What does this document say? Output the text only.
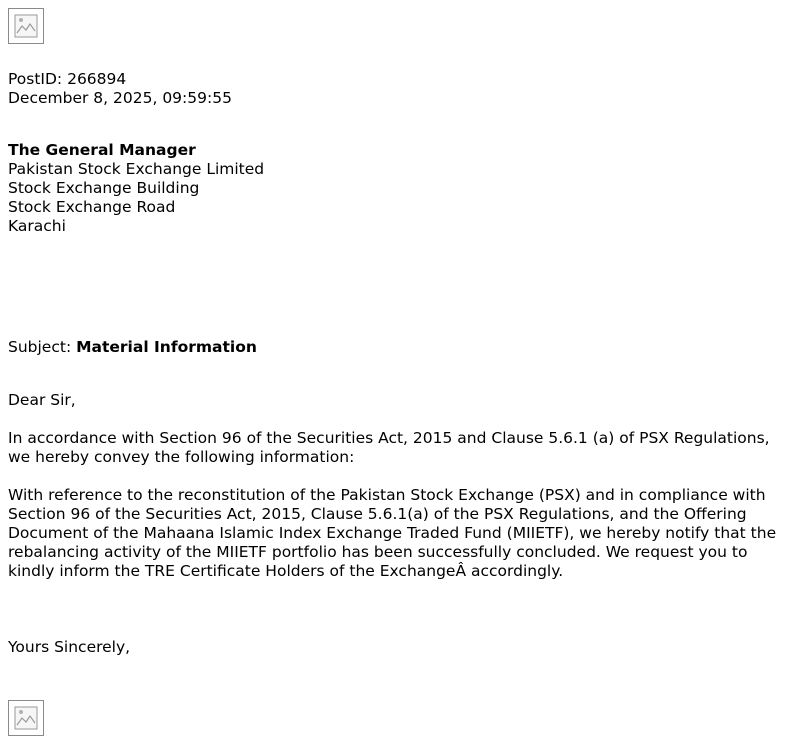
PostID: 266894
December 8, 2025, 09:59:55
The General Manager
Pakistan Stock Exchange Limited
Stock Exchange Building
Stock Exchange Road
Karachi
Subject: Material Information
Dear Sir,
In accordance with Section 96 of the Securities Act, 2015 and Clause 5.6.1 (a) of PSX Regulations, we hereby convey the following information:
With reference to the reconstitution of the Pakistan Stock Exchange (PSX) and in compliance with Section 96 of the Securities Act, 2015, Clause 5.6.1(a) of the PSX Regulations, and the Offering Document of the Mahaana Islamic Index Exchange Traded Fund (MIIETF), we hereby notify that the rebalancing activity of the MIIETF portfolio has been successfully concluded. We request you to kindly inform the TRE Certificate Holders of the ExchangeÂ accordingly.
Yours Sincerely,
